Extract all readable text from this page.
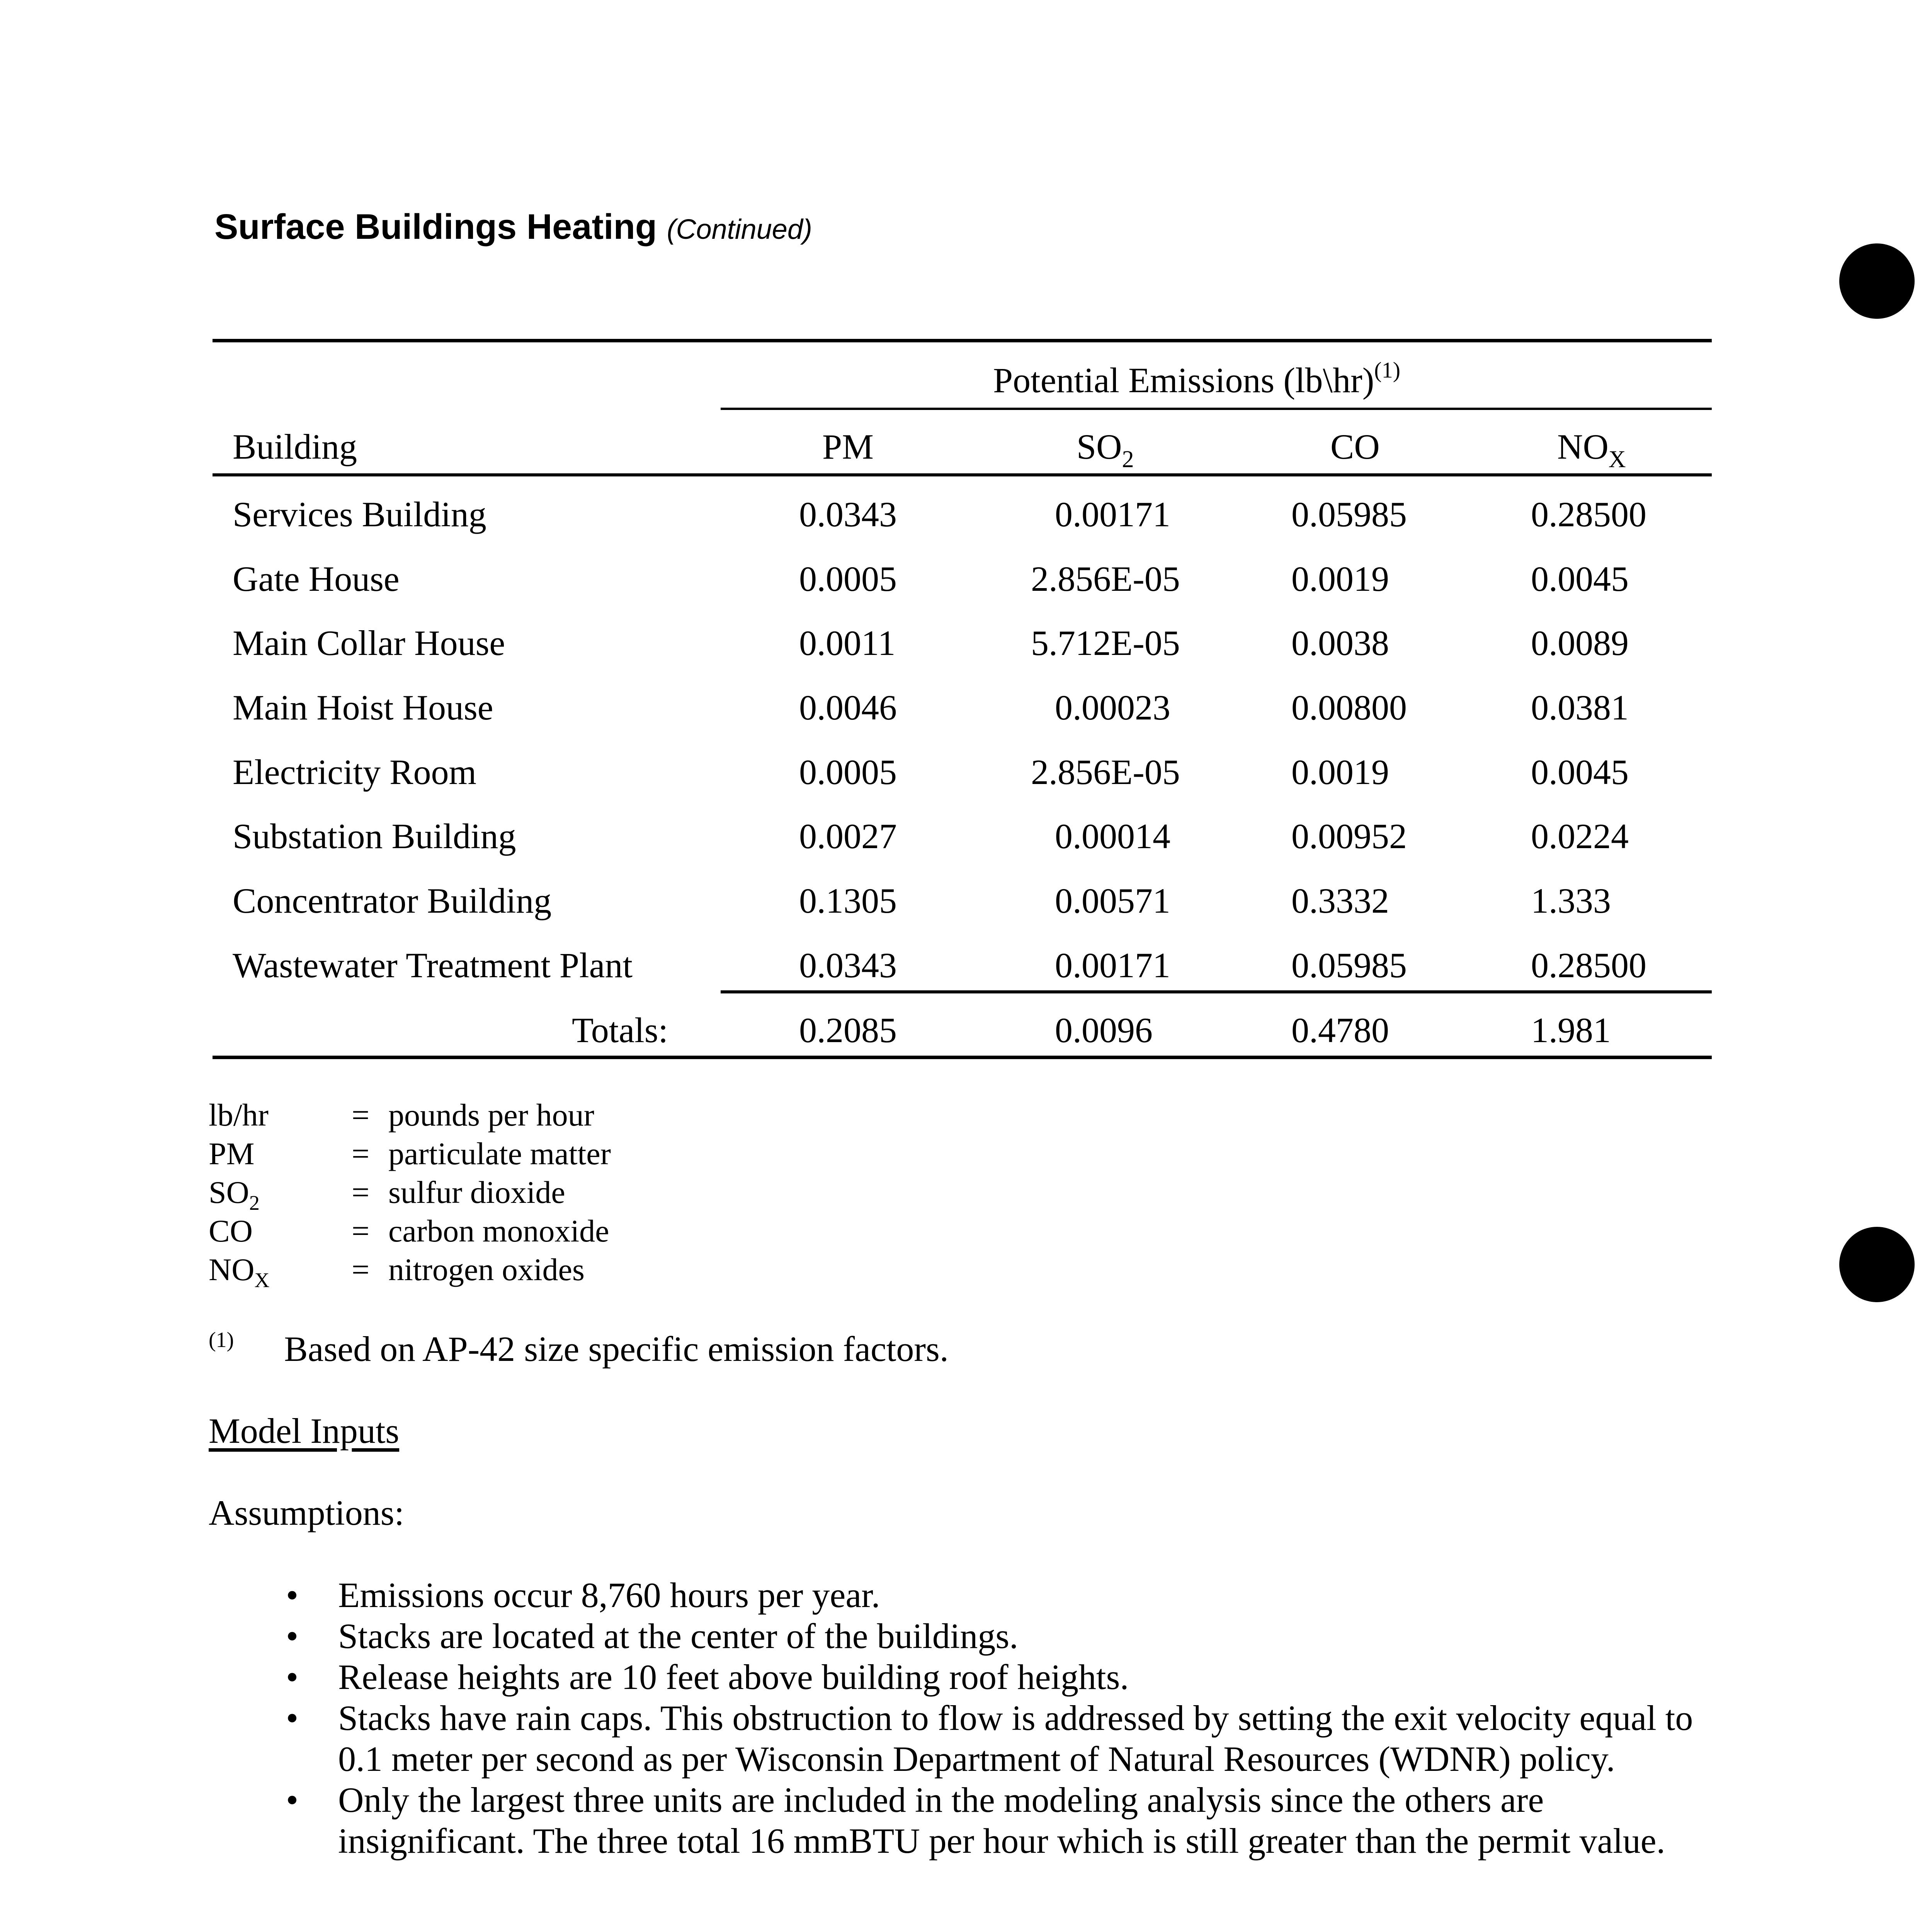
Surface Buildings Heating (Continued)
Potential Emissions (lb\hr)$^{(1)}$
Building	PM	$SO_2$	CO	$NO_X$
Services Building	0.0343	0.00171	0.05985	0.28500
Gate House	0.0005	2.856E-05	0.0019	0.0045
Main Collar House	0.0011	5.712E-05	0.0038	0.0089
Main Hoist House	0.0046	0.00023	0.00800	0.0381
Electricity Room	0.0005	2.856E-05	0.0019	0.0045
Substation Building	0.0027	0.00014	0.00952	0.0224
Concentrator Building	0.1305	0.00571	0.3332	1.333
Wastewater Treatment Plant	0.0343	0.00171	0.05985	0.28500
Totals:	0.2085	0.0096	0.4780	1.981
lb/hr	= pounds per hour
PM	= particulate matter
$SO_2$	= sulfur dioxide
CO	= carbon monoxide
$NO_X$	= nitrogen oxides
$^{(1)}$ Based on AP-42 size specific emission factors.
Model Inputs
Assumptions:
• Emissions occur 8,760 hours per year.
• Stacks are located at the center of the buildings.
• Release heights are 10 feet above building roof heights.
• Stacks have rain caps. This obstruction to flow is addressed by setting the exit velocity equal to 0.1 meter per second as per Wisconsin Department of Natural Resources (WDNR) policy.
• Only the largest three units are included in the modeling analysis since the others are insignificant. The three total 16 mmBTU per hour which is still greater than the permit value.
